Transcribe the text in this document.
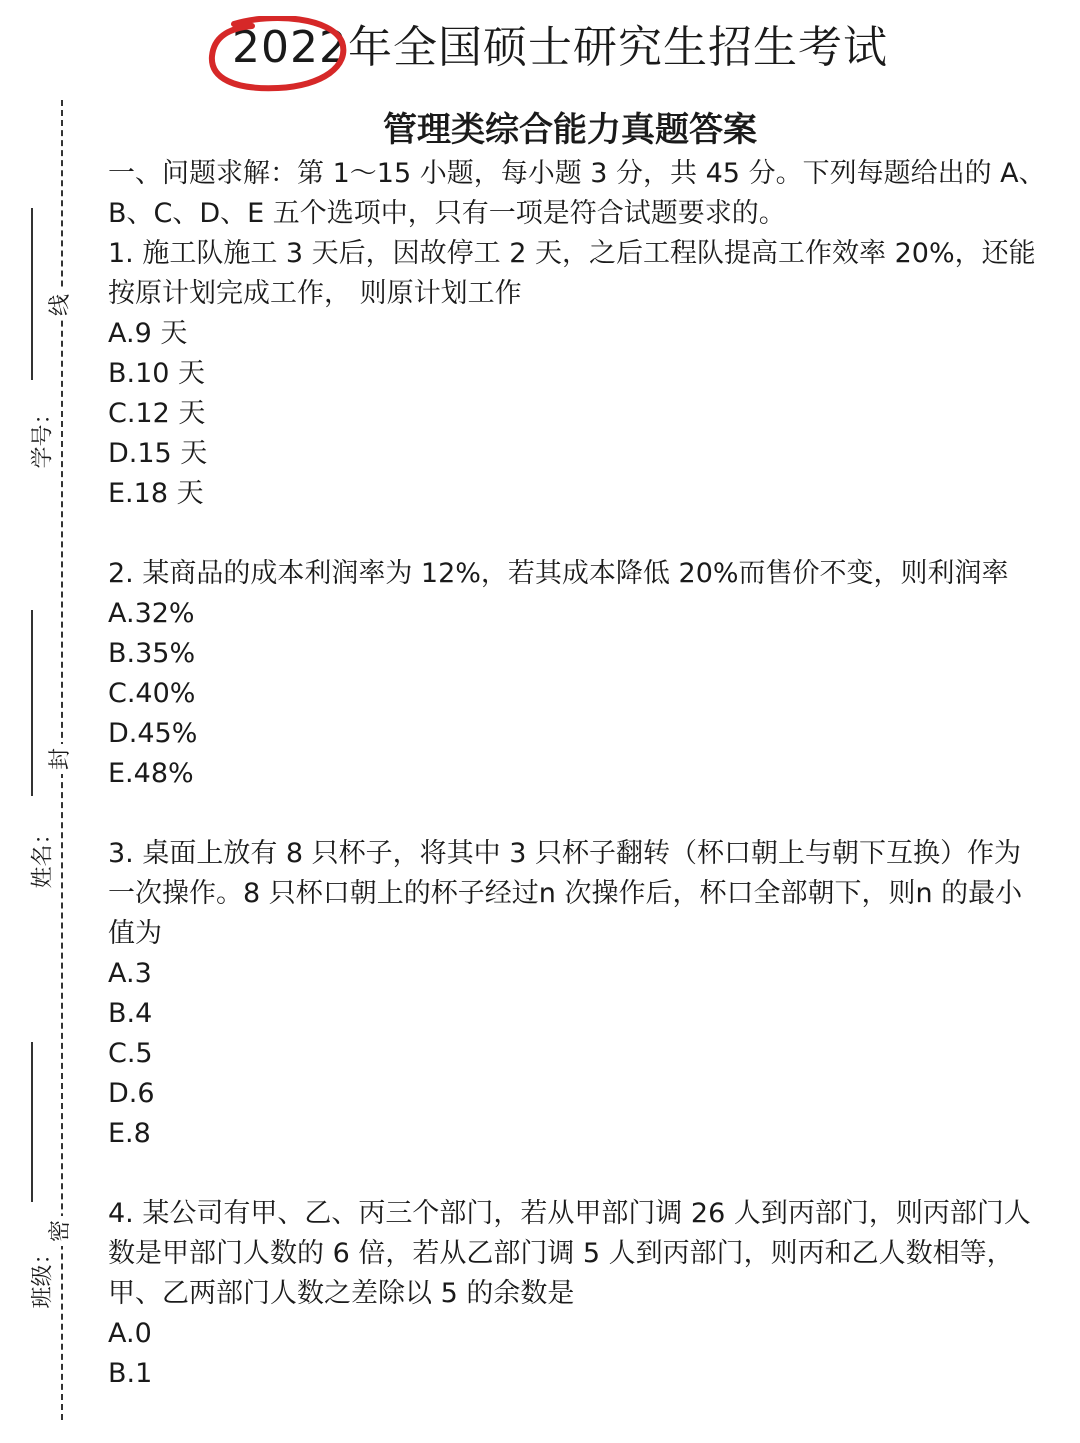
2022年全国硕士研究生招生考试
管理类综合能力真题答案
线
封
密
学号：
姓名：
班级：

一、问题求解：第 1～15 小题，每小题 3 分，共 45 分。下列每题给出的 A、B、C、D、E 五个选项中，只有一项是符合试题要求的。

1. 施工队施工 3 天后，因故停工 2 天，之后工程队提高工作效率 20%，还能按原计划完成工作， 则原计划工作

A.9 天

B.10 天

C.12 天

D.15 天

E.18 天

2. 某商品的成本利润率为 12%，若其成本降低 20%而售价不变，则利润率

A.32%

B.35%

C.40%

D.45%

E.48%

3. 桌面上放有 8 只杯子，将其中 3 只杯子翻转（杯口朝上与朝下互换）作为一次操作。8 只杯口朝上的杯子经过n 次操作后，杯口全部朝下，则n 的最小值为

A.3

B.4

C.5

D.6

E.8

4. 某公司有甲、乙、丙三个部门，若从甲部门调 26 人到丙部门，则丙部门人数是甲部门人数的 6 倍，若从乙部门调 5 人到丙部门，则丙和乙人数相等，甲、乙两部门人数之差除以 5 的余数是

A.0

B.1
